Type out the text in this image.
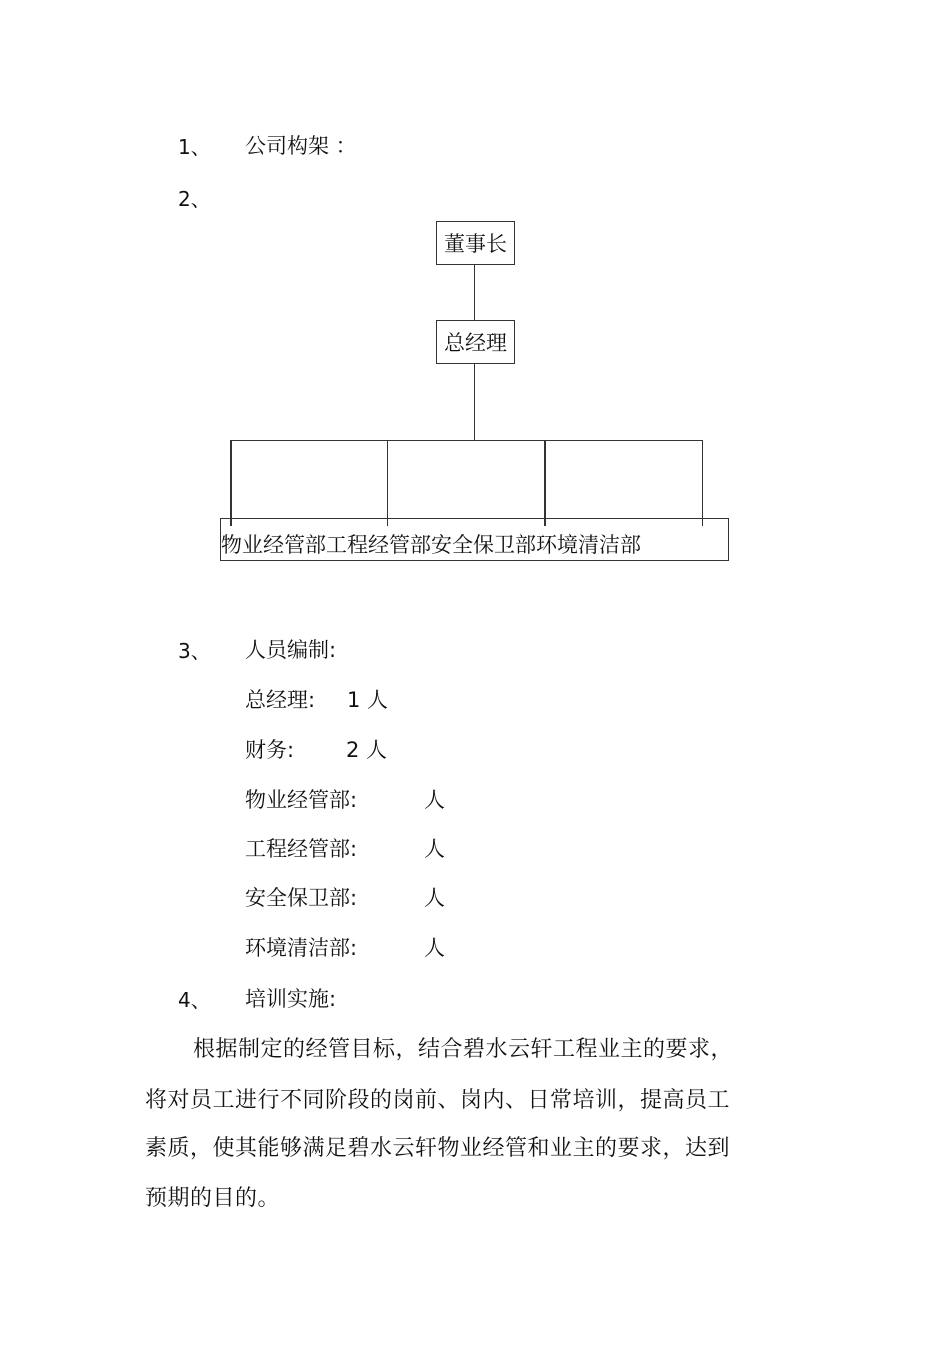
1、 公司构架 ：
2、
董事长
总经理
物业经管部工程经管部安全保卫部环境清洁部
3、 人员编制:
总经理: 1 人
财务: 2 人
物业经管部:	人
工程经管部:	人
安全保卫部:	人
环境清洁部:	人
4、 培训实施:
根据制定的经管目标，结合碧水云轩工程业主的要求，
将对员工进行不同阶段的岗前、岗内、日常培训，提高员工
素质，使其能够满足碧水云轩物业经管和业主的要求，达到
预期的目的。
